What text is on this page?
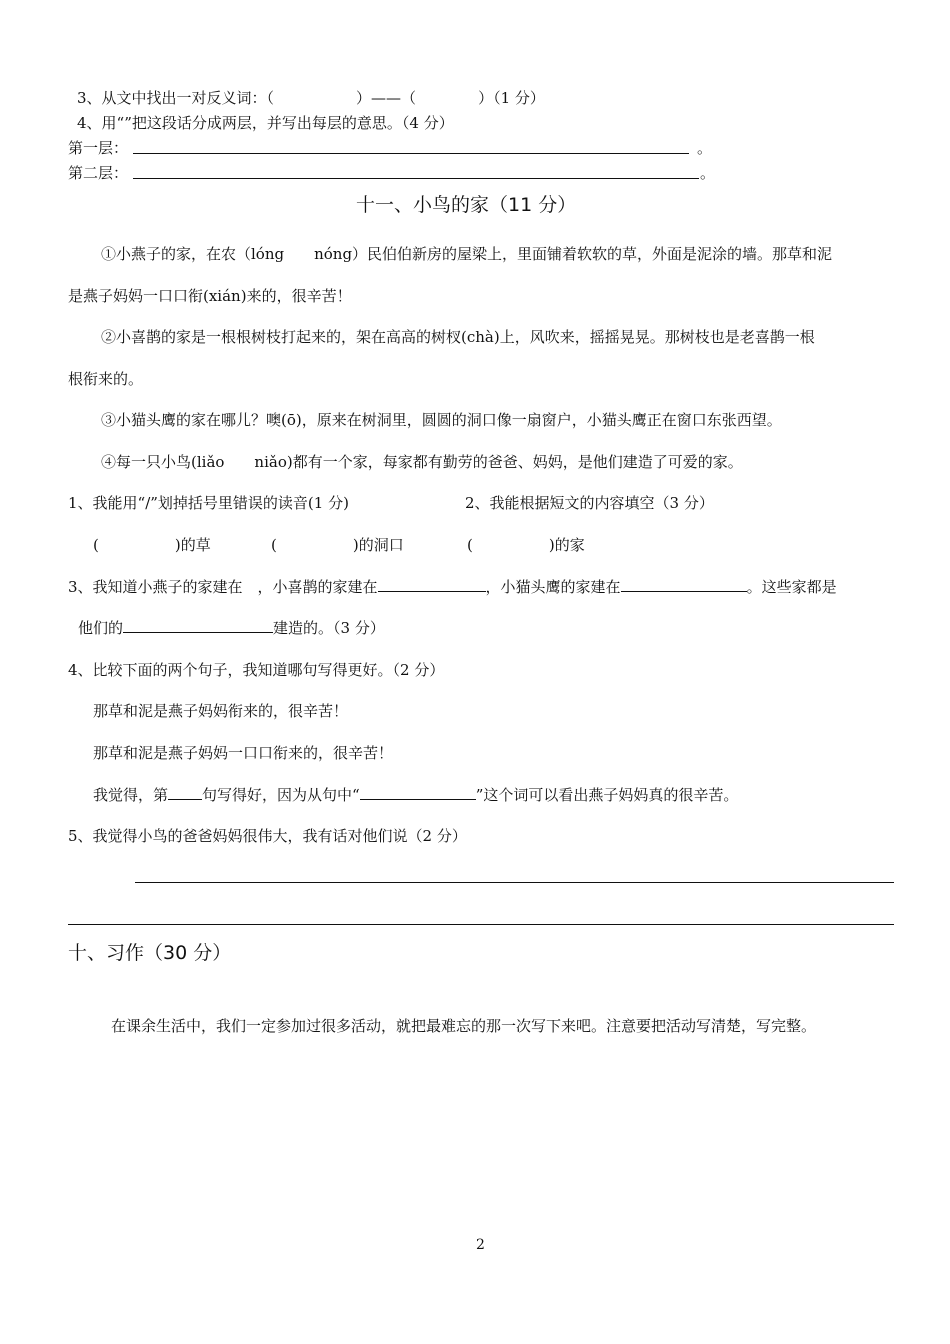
3、从文中找出一对反义词：（	）——（	）（1 分）
4、用“”把这段话分成两层，并写出每层的意思。（4 分）
第一层：	。
第二层：	。
十一、小鸟的家（11 分）
①小燕子的家，在农（lóng　　nóng）民伯伯新房的屋梁上，里面铺着软软的草，外面是泥涂的墙。那草和泥
是燕子妈妈一口口衔(xián)来的，很辛苦！
②小喜鹊的家是一根根树枝打起来的，架在高高的树杈(chà)上，风吹来，摇摇晃晃。那树枝也是老喜鹊一根
根衔来的。
③小猫头鹰的家在哪儿？噢(ō)，原来在树洞里，圆圆的洞口像一扇窗户，小猫头鹰正在窗口东张西望。
④每一只小鸟(liǎo　　niǎo)都有一个家，每家都有勤劳的爸爸、妈妈，是他们建造了可爱的家。
1、我能用“/”划掉括号里错误的读音(1 分)	2、我能根据短文的内容填空（3 分）
(	)的草	(	)的洞口	(	)的家
3、我知道小燕子的家建在　，小喜鹊的家建在	，小猫头鹰的家建在	。这些家都是
他们的	建造的。（3 分）
4、比较下面的两个句子，我知道哪句写得更好。（2 分）
那草和泥是燕子妈妈衔来的，很辛苦！
那草和泥是燕子妈妈一口口衔来的，很辛苦！
我觉得，第 句写得好，因为从句中“	”这个词可以看出燕子妈妈真的很辛苦。
5、我觉得小鸟的爸爸妈妈很伟大，我有话对他们说（2 分）
十、习作（30 分）
在课余生活中，我们一定参加过很多活动，就把最难忘的那一次写下来吧。注意要把活动写清楚，写完整。
2
